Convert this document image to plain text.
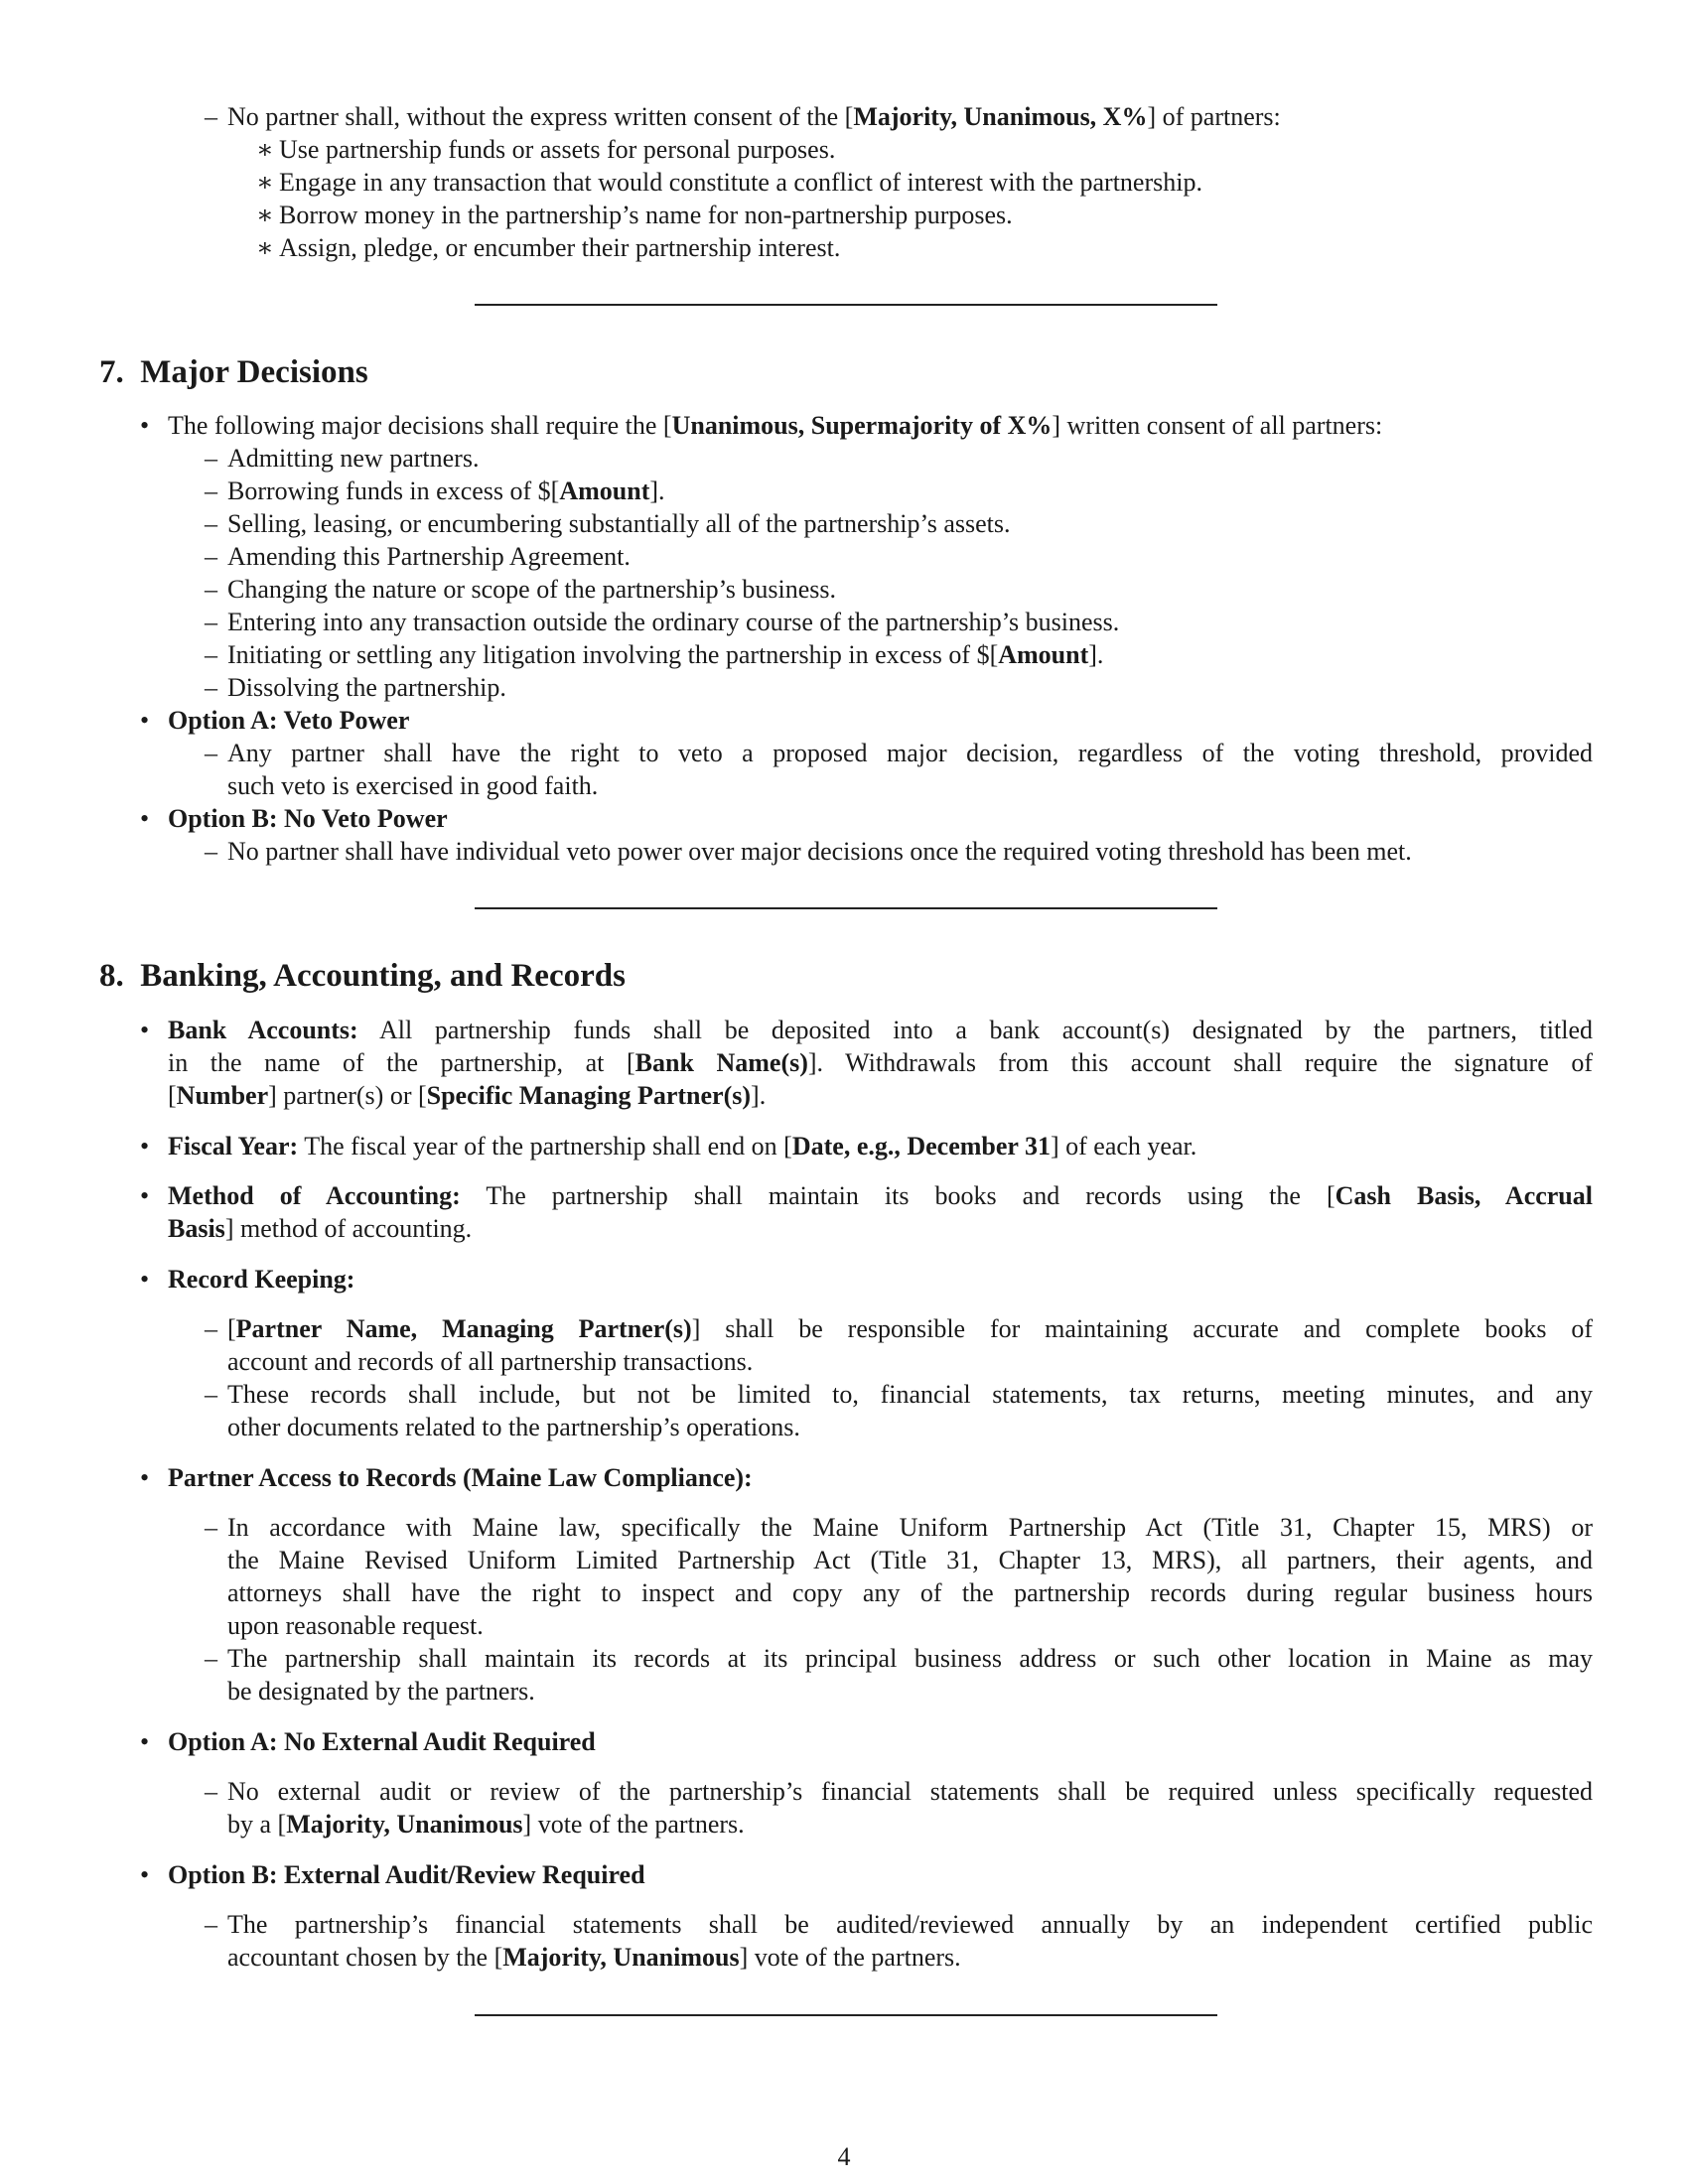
– No partner shall, without the express written consent of the [Majority, Unanimous, X%] of partners:
∗ Use partnership funds or assets for personal purposes.
∗ Engage in any transaction that would constitute a conflict of interest with the partnership.
∗ Borrow money in the partnership’s name for non-partnership purposes.
∗ Assign, pledge, or encumber their partnership interest.
7. Major Decisions
• The following major decisions shall require the [Unanimous, Supermajority of X%] written consent of all partners:
– Admitting new partners.
– Borrowing funds in excess of $[Amount].
– Selling, leasing, or encumbering substantially all of the partnership’s assets.
– Amending this Partnership Agreement.
– Changing the nature or scope of the partnership’s business.
– Entering into any transaction outside the ordinary course of the partnership’s business.
– Initiating or settling any litigation involving the partnership in excess of $[Amount].
– Dissolving the partnership.
• Option A: Veto Power
– Any partner shall have the right to veto a proposed major decision, regardless of the voting threshold, provided
such veto is exercised in good faith.
• Option B: No Veto Power
– No partner shall have individual veto power over major decisions once the required voting threshold has been met.
8. Banking, Accounting, and Records
• Bank Accounts: All partnership funds shall be deposited into a bank account(s) designated by the partners, titled
in the name of the partnership, at [Bank Name(s)]. Withdrawals from this account shall require the signature of
[Number] partner(s) or [Specific Managing Partner(s)].
• Fiscal Year: The fiscal year of the partnership shall end on [Date, e.g., December 31] of each year.
• Method of Accounting: The partnership shall maintain its books and records using the [Cash Basis, Accrual
Basis] method of accounting.
• Record Keeping:
– [Partner Name, Managing Partner(s)] shall be responsible for maintaining accurate and complete books of
account and records of all partnership transactions.
– These records shall include, but not be limited to, financial statements, tax returns, meeting minutes, and any
other documents related to the partnership’s operations.
• Partner Access to Records (Maine Law Compliance):
– In accordance with Maine law, specifically the Maine Uniform Partnership Act (Title 31, Chapter 15, MRS) or
the Maine Revised Uniform Limited Partnership Act (Title 31, Chapter 13, MRS), all partners, their agents, and
attorneys shall have the right to inspect and copy any of the partnership records during regular business hours
upon reasonable request.
– The partnership shall maintain its records at its principal business address or such other location in Maine as may
be designated by the partners.
• Option A: No External Audit Required
– No external audit or review of the partnership’s financial statements shall be required unless specifically requested
by a [Majority, Unanimous] vote of the partners.
• Option B: External Audit/Review Required
– The partnership’s financial statements shall be audited/reviewed annually by an independent certified public
accountant chosen by the [Majority, Unanimous] vote of the partners.
4
